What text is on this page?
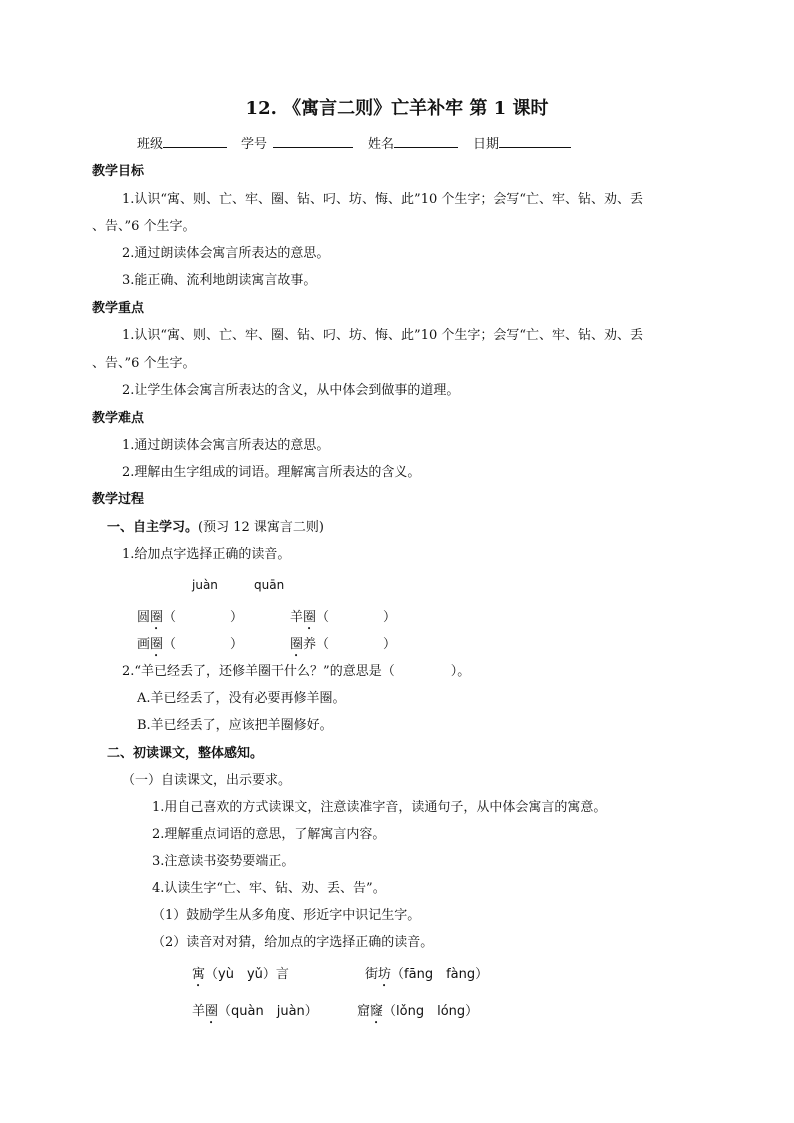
12. 《寓言二则》亡羊补牢 第 1 课时
班级	学号	姓名	日期
教学目标
1.认识“寓、则、亡、牢、圈、钻、叼、坊、悔、此”10 个生字；会写“亡、牢、钻、劝、丢
、告、”6 个生字。
2.通过朗读体会寓言所表达的意思。
3.能正确、流利地朗读寓言故事。
教学重点
1.认识“寓、则、亡、牢、圈、钻、叼、坊、悔、此”10 个生字；会写“亡、牢、钻、劝、丢
、告、”6 个生字。
2.让学生体会寓言所表达的含义，从中体会到做事的道理。
教学难点
1.通过朗读体会寓言所表达的意思。
2.理解由生字组成的词语。理解寓言所表达的含义。
教学过程
一、自主学习。(预习 12 课寓言二则)
1.给加点字选择正确的读音。
juàn	quān
圆圈（	）	羊圈（	）
画圈（	）	圈养（	）
2.“羊已经丢了，还修羊圈干什么？”的意思是（	）。
A.羊已经丢了，没有必要再修羊圈。
B.羊已经丢了，应该把羊圈修好。
二、初读课文，整体感知。
（一）自读课文，出示要求。
1.用自己喜欢的方式读课文，注意读准字音，读通句子，从中体会寓言的寓意。
2.理解重点词语的意思，了解寓言内容。
3.注意读书姿势要端正。
4.认读生字“亡、牢、钻、劝、丢、告”。
（1）鼓励学生从多角度、形近字中识记生字。
（2）读音对对猜，给加点的字选择正确的读音。
寓（yù　yǔ）言	街坊（fāng　fàng）
羊圈（quàn　juàn）	窟窿（lǒng　lóng）
